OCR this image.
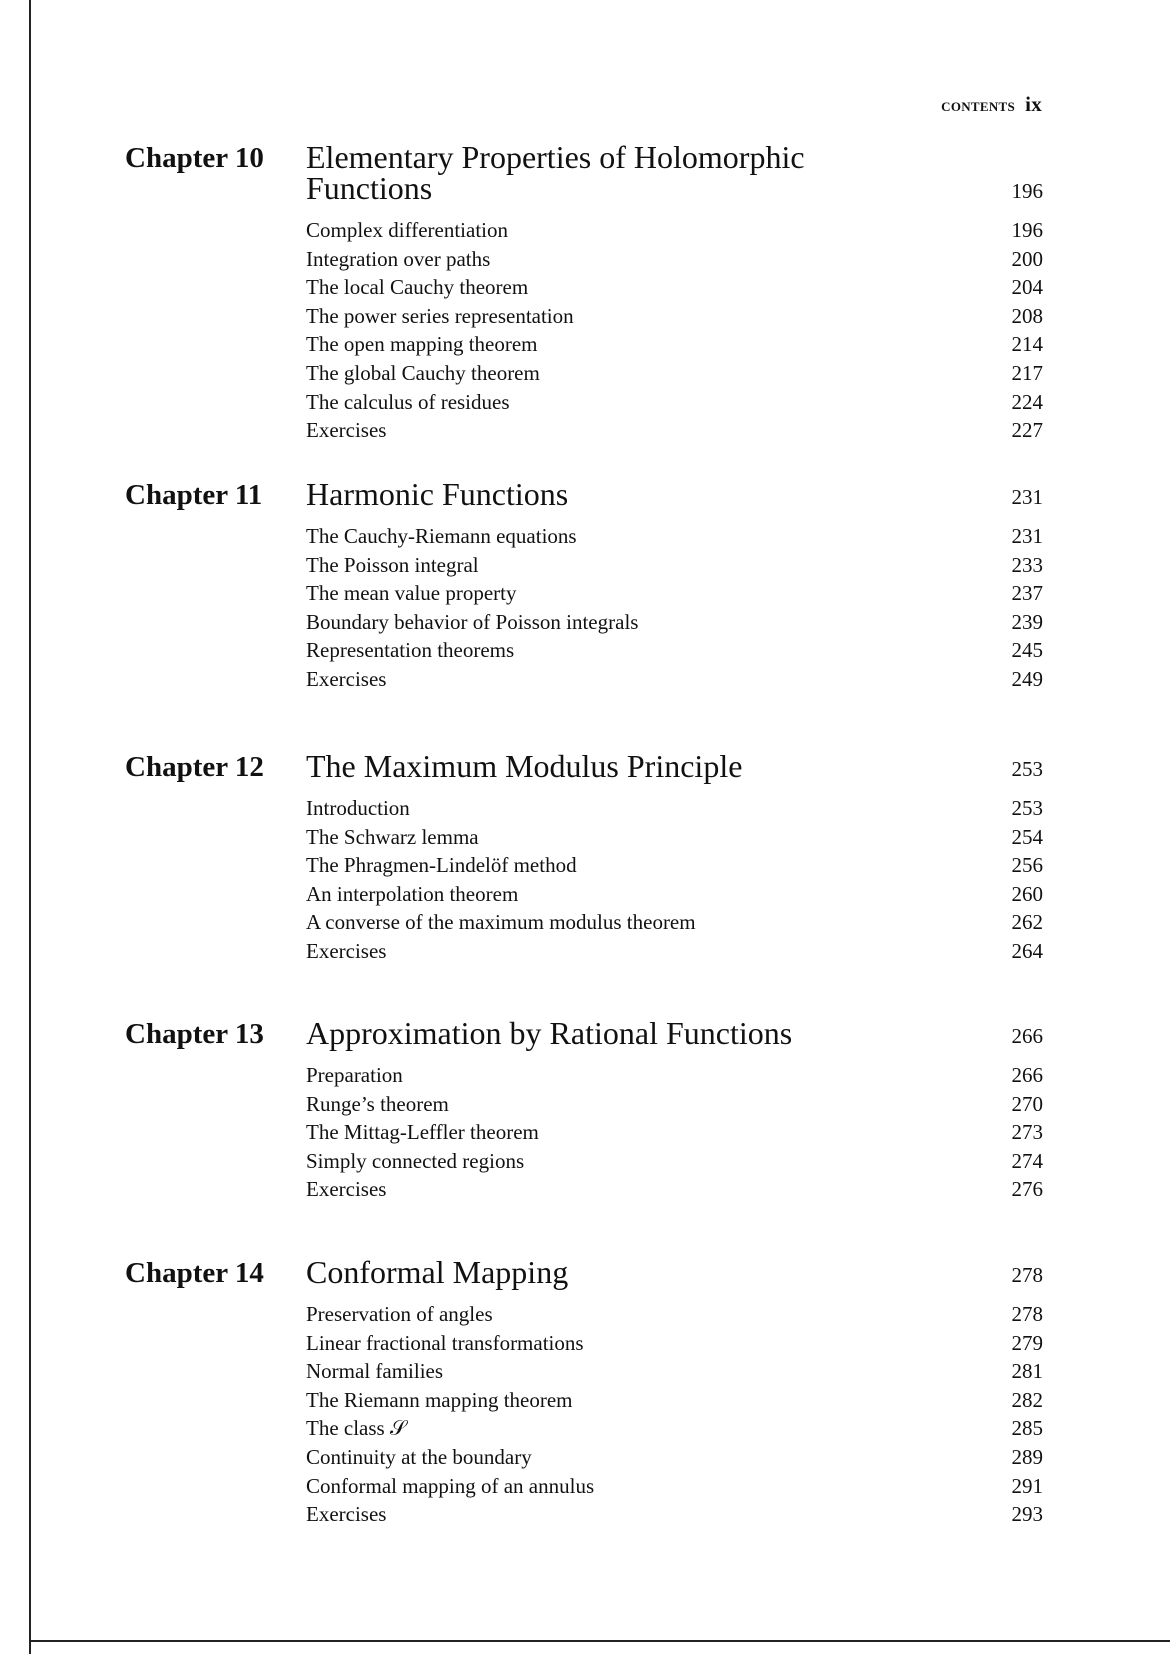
contents ix
Chapter 10 Elementary Properties of Holomorphic
Functions	196
Complex differentiation	196
Integration over paths	200
The local Cauchy theorem	204
The power series representation	208
The open mapping theorem	214
The global Cauchy theorem	217
The calculus of residues	224
Exercises	227
Chapter 11 Harmonic Functions	231
The Cauchy-Riemann equations	231
The Poisson integral	233
The mean value property	237
Boundary behavior of Poisson integrals	239
Representation theorems	245
Exercises	249
Chapter 12 The Maximum Modulus Principle	253
Introduction	253
The Schwarz lemma	254
The Phragmen-Lindelöf method	256
An interpolation theorem	260
A converse of the maximum modulus theorem	262
Exercises	264
Chapter 13 Approximation by Rational Functions	266
Preparation	266
Runge’s theorem	270
The Mittag-Leffler theorem	273
Simply connected regions	274
Exercises	276
Chapter 14 Conformal Mapping	278
Preservation of angles	278
Linear fractional transformations	279
Normal families	281
The Riemann mapping theorem	282
The class 𝒮	285
Continuity at the boundary	289
Conformal mapping of an annulus	291
Exercises	293
